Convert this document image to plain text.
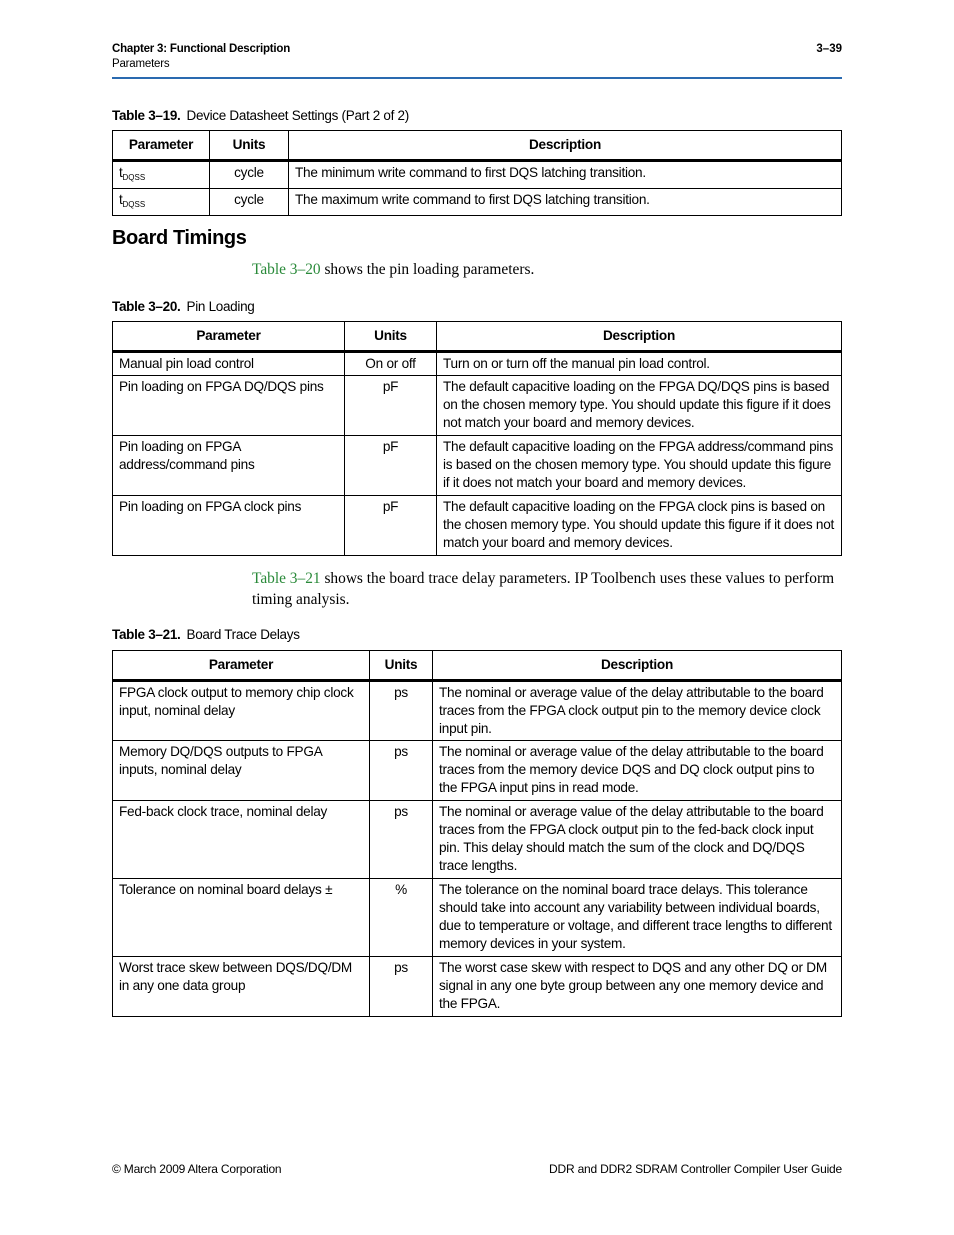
Chapter 3: Functional Description
Parameters
3–39
Table 3–19. Device Datasheet Settings (Part 2 of 2)
Parameter	Units	Description
$t_{DQSS}$	cycle	The minimum write command to first DQS latching transition.
$t_{DQSS}$	cycle	The maximum write command to first DQS latching transition.
Board Timings
Table 3–20 shows the pin loading parameters.
Table 3–20. Pin Loading
Parameter	Units	Description
Manual pin load control	On or off	Turn on or turn off the manual pin load control.
Pin loading on FPGA DQ/DQS pins	pF	The default capacitive loading on the FPGA DQ/DQS pins is based on the chosen memory type. You should update this figure if it does not match your board and memory devices.
Pin loading on FPGA address/command pins	pF	The default capacitive loading on the FPGA address/command pins is based on the chosen memory type. You should update this figure if it does not match your board and memory devices.
Pin loading on FPGA clock pins	pF	The default capacitive loading on the FPGA clock pins is based on the chosen memory type. You should update this figure if it does not match your board and memory devices.
Table 3–21 shows the board trace delay parameters. IP Toolbench uses these values to perform timing analysis.
Table 3–21. Board Trace Delays
Parameter	Units	Description
FPGA clock output to memory chip clock input, nominal delay	ps	The nominal or average value of the delay attributable to the board traces from the FPGA clock output pin to the memory device clock input pin.
Memory DQ/DQS outputs to FPGA inputs, nominal delay	ps	The nominal or average value of the delay attributable to the board traces from the memory device DQS and DQ clock output pins to the FPGA input pins in read mode.
Fed-back clock trace, nominal delay	ps	The nominal or average value of the delay attributable to the board traces from the FPGA clock output pin to the fed-back clock input pin. This delay should match the sum of the clock and DQ/DQS trace lengths.
Tolerance on nominal board delays ±	%	The tolerance on the nominal board trace delays. This tolerance should take into account any variability between individual boards, due to temperature or voltage, and different trace lengths to different memory devices in your system.
Worst trace skew between DQS/DQ/DM in any one data group	ps	The worst case skew with respect to DQS and any other DQ or DM signal in any one byte group between any one memory device and the FPGA.
© March 2009 Altera Corporation	DDR and DDR2 SDRAM Controller Compiler User Guide
